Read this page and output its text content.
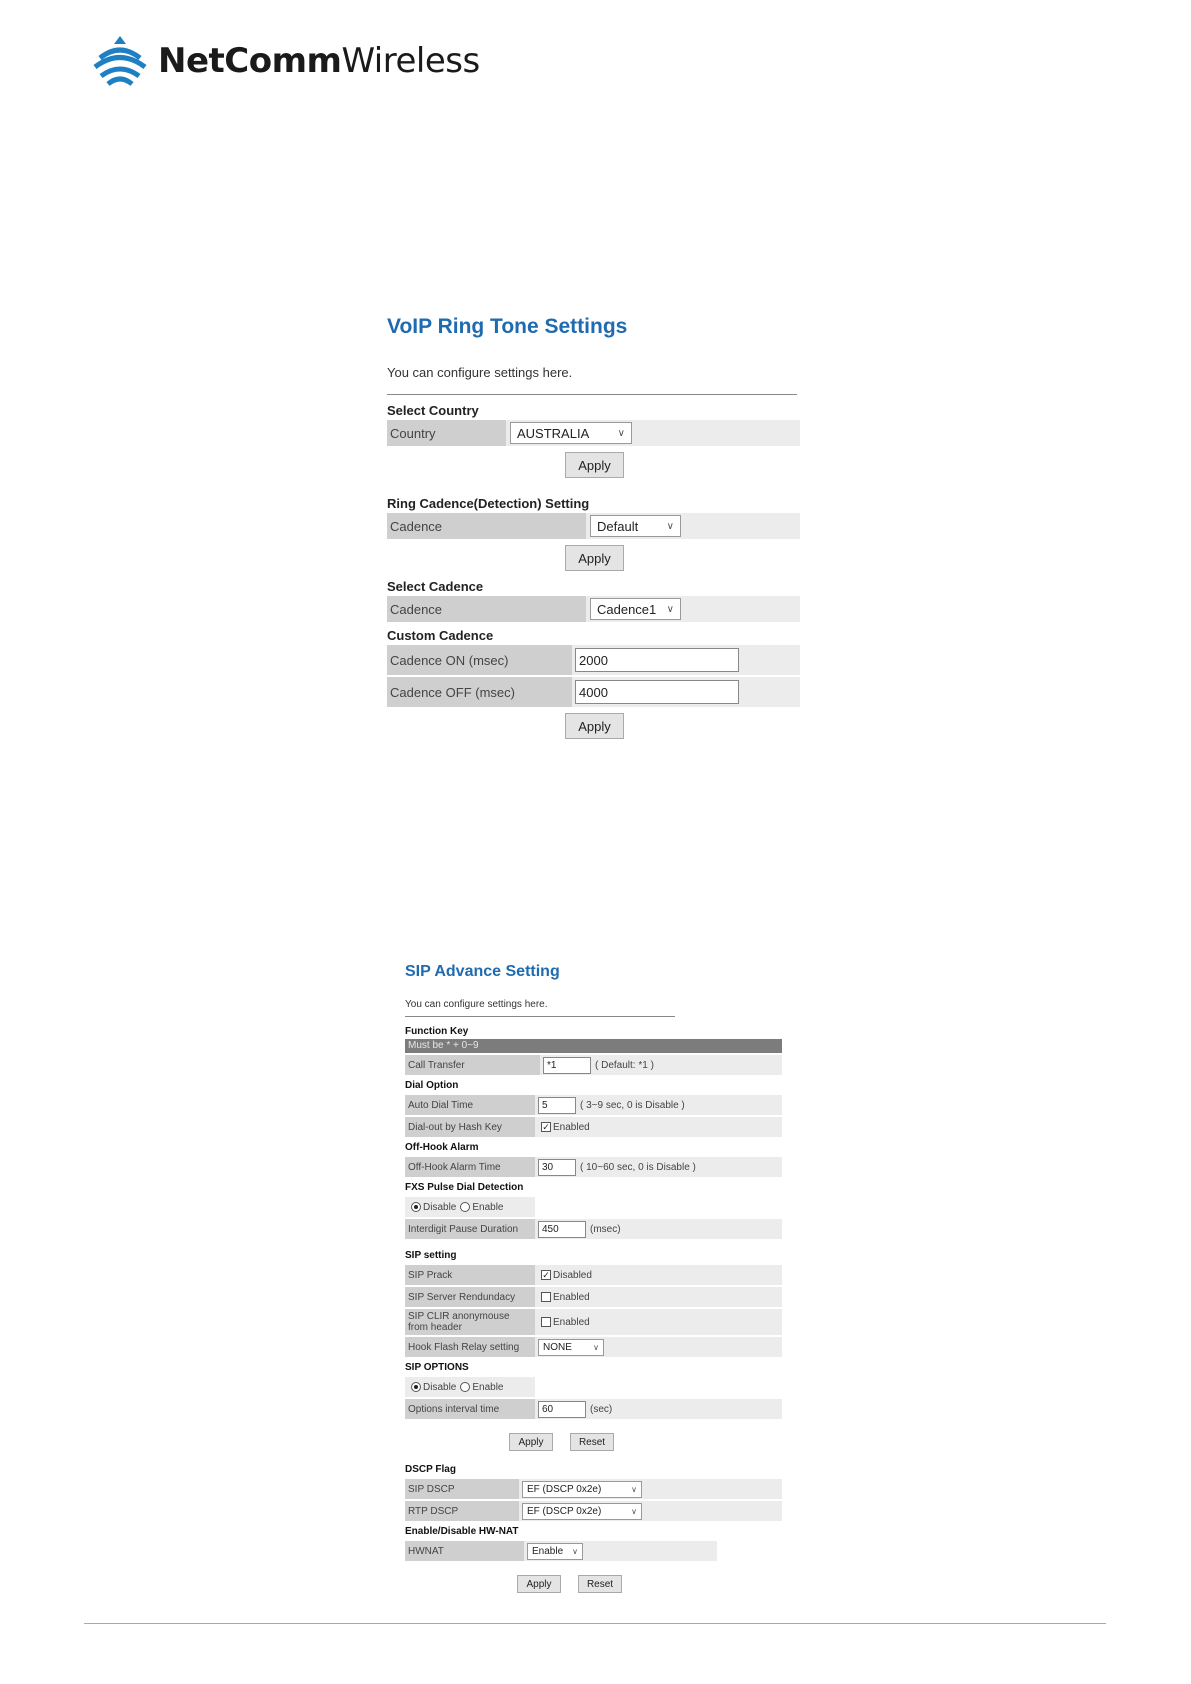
NetCommWireless
VoIP Ring Tone Settings
You can configure settings here.
Select Country
Country	AUSTRALIA	∨
Apply
Ring Cadence(Detection) Setting
Cadence	Default	∨
Apply
Select Cadence
Cadence	Cadence1 ∨
Custom Cadence
Cadence ON (msec)	2000
Cadence OFF (msec)	4000
Apply
SIP Advance Setting
You can configure settings here.
Function Key
Must be * + 0~9
Call Transfer	*1	( Default: *1 )
Dial Option
Auto Dial Time	5	( 3~9 sec, 0 is Disable )
Dial-out by Hash Key	✓ Enabled
Off-Hook Alarm
Off-Hook Alarm Time	30	( 10~60 sec, 0 is Disable )
FXS Pulse Dial Detection
Disable Enable
Interdigit Pause Duration	450	(msec)
SIP setting
SIP Prack	✓ Disabled
SIP Server Rendundacy	Enabled
SIP CLIR anonymouse
from header	Enabled
Hook Flash Relay setting	NONE	∨
SIP OPTIONS
Disable Enable
Options interval time	60	(sec)
Apply	Reset
DSCP Flag
SIP DSCP	EF (DSCP 0x2e)	∨
RTP DSCP	EF (DSCP 0x2e)	∨
Enable/Disable HW-NAT
HWNAT	Enable ∨
Apply	Reset
